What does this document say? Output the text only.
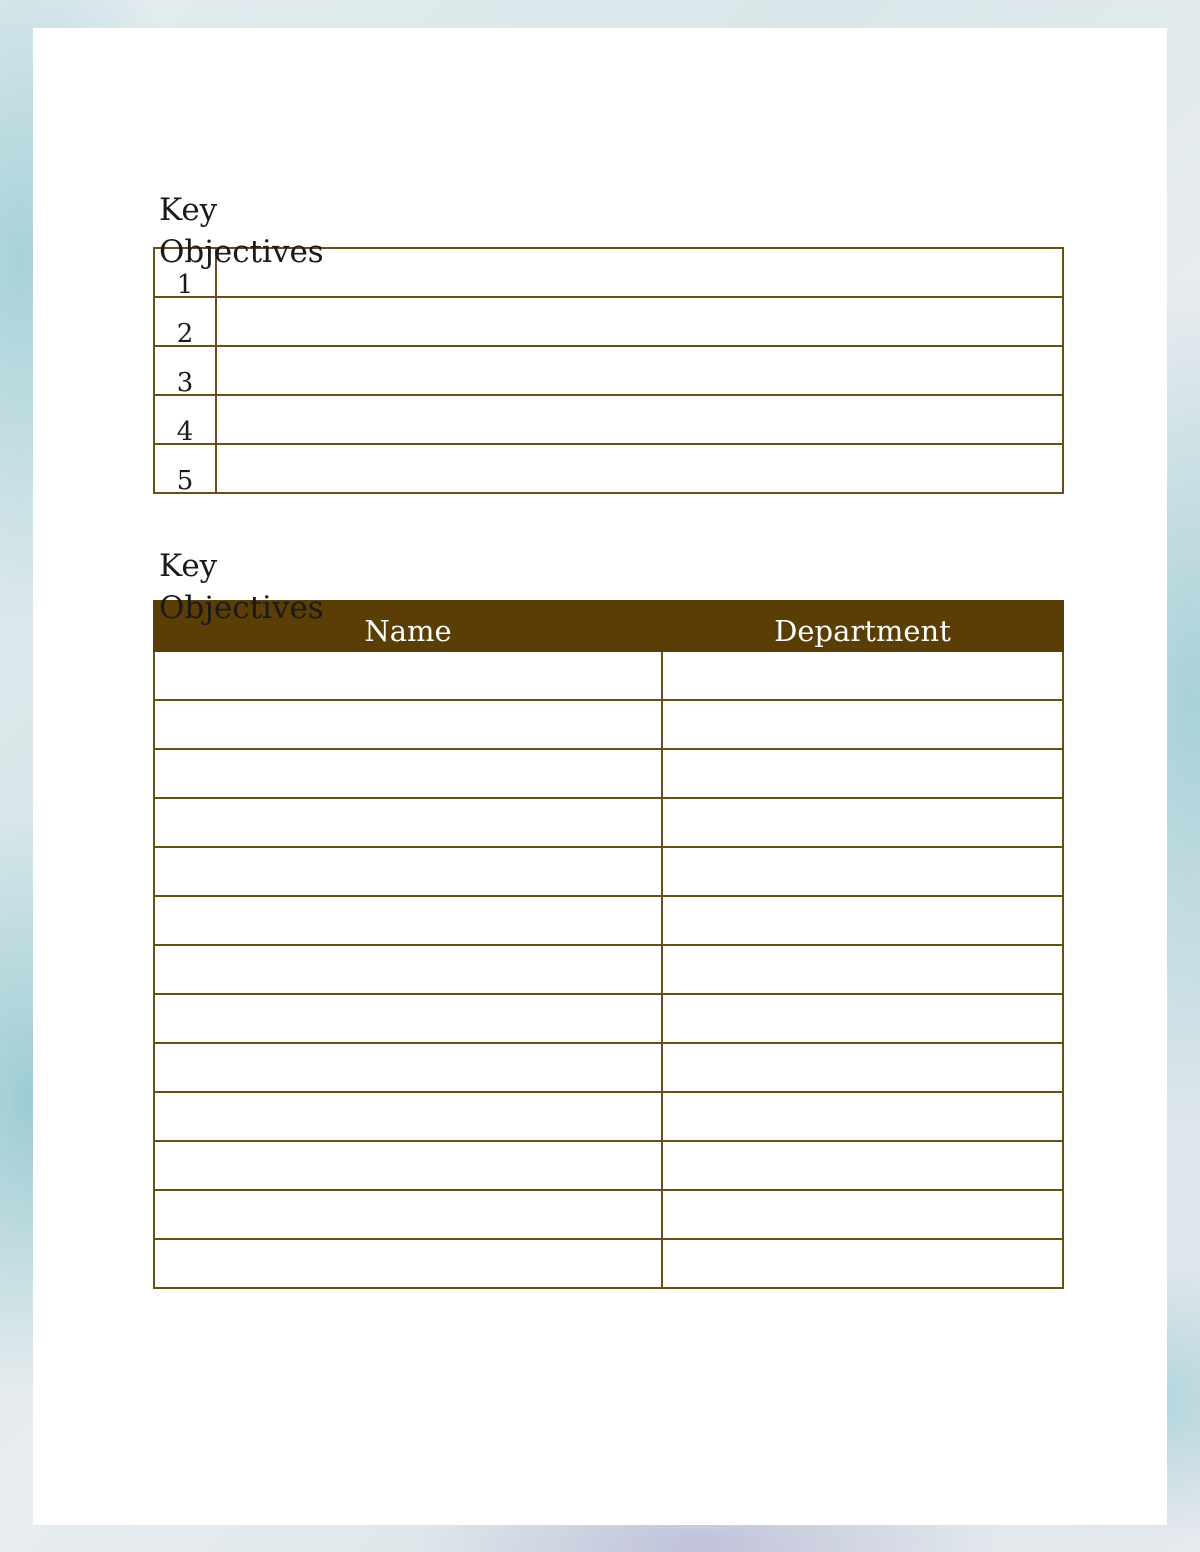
Key Objectives
1	
2	
3	
4	
5	
Key Objectives
Name	Department
